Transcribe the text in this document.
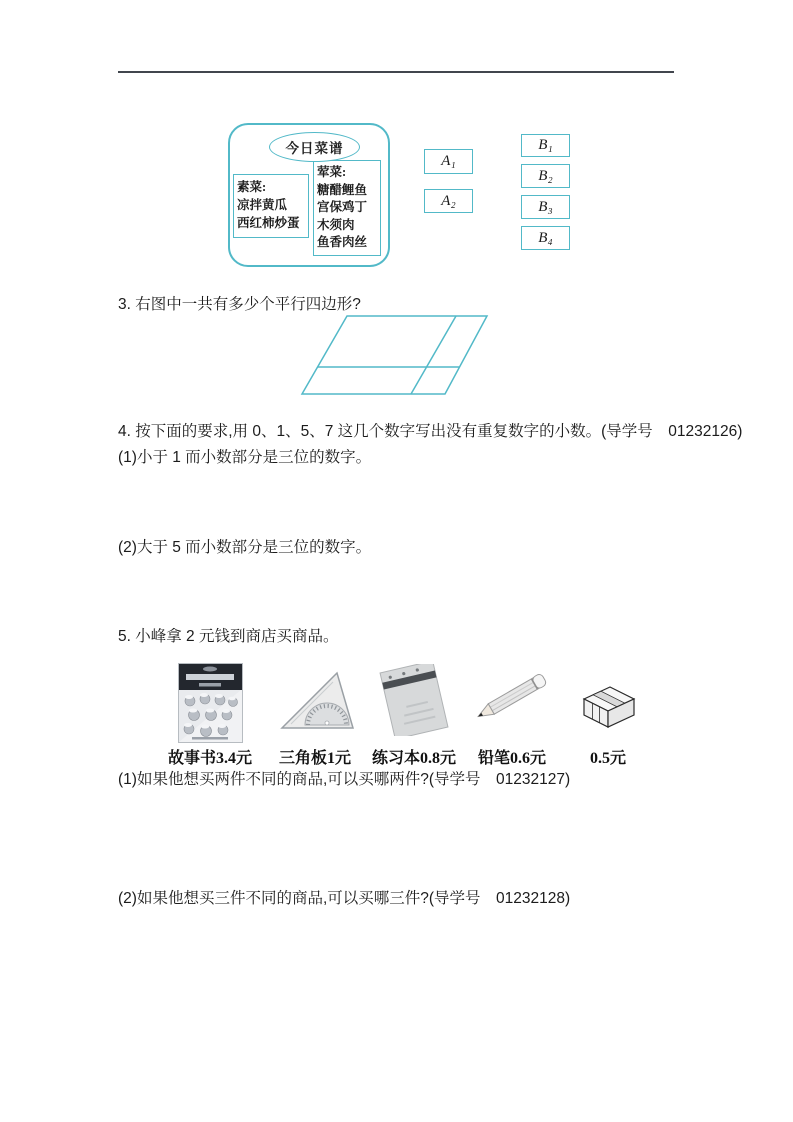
今日菜谱
素菜:
凉拌黄瓜
西红柿炒蛋
荤菜:
糖醋鲤鱼
宫保鸡丁
木须肉
鱼香肉丝
A₁
A₂
B₁
B₂
B₃
B₄
3. 右图中一共有多少个平行四边形?
4. 按下面的要求,用 0、1、5、7 这几个数字写出没有重复数字的小数。(导学号　01232126)
(1)小于 1 而小数部分是三位的数字。
(2)大于 5 而小数部分是三位的数字。
5. 小峰拿 2 元钱到商店买商品。
故事书3.4元	三角板1元	练习本0.8元	铅笔0.6元	0.5元
(1)如果他想买两件不同的商品,可以买哪两件?(导学号　01232127)
(2)如果他想买三件不同的商品,可以买哪三件?(导学号　01232128)
